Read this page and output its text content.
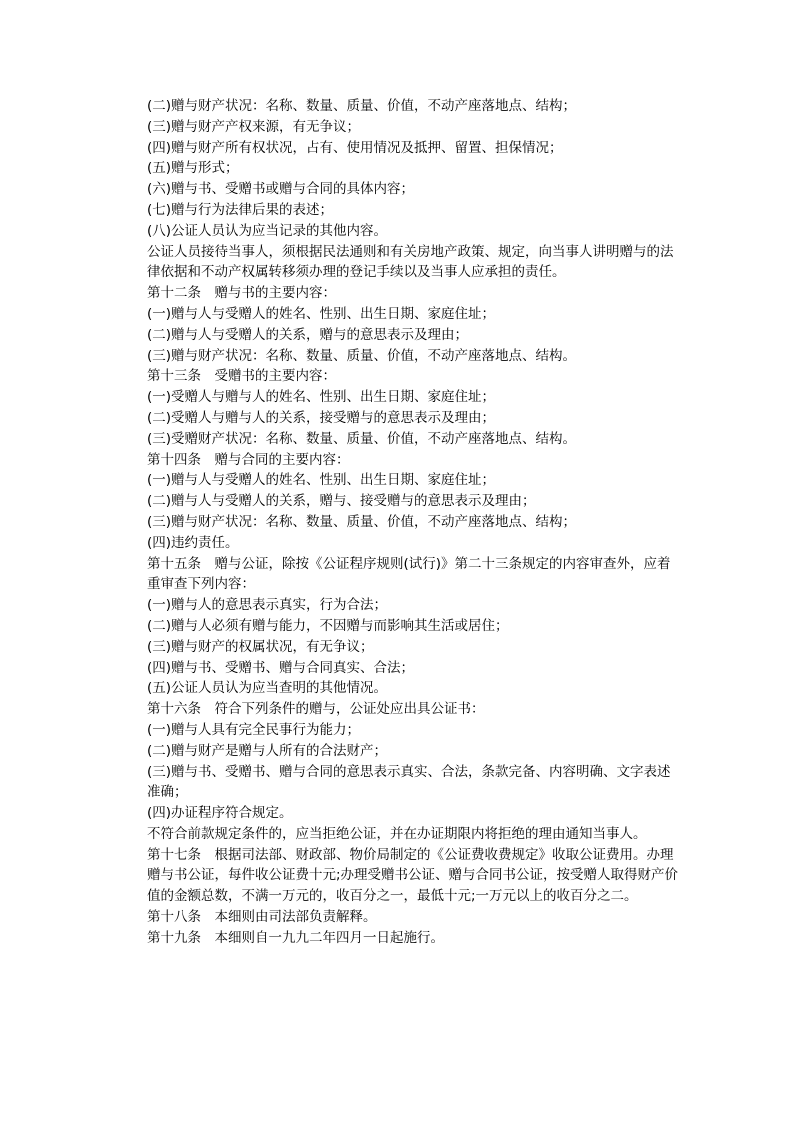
(二)赠与财产状况：名称、数量、质量、价值，不动产座落地点、结构；
(三)赠与财产产权来源，有无争议；
(四)赠与财产所有权状况，占有、使用情况及抵押、留置、担保情况；
(五)赠与形式；
(六)赠与书、受赠书或赠与合同的具体内容；
(七)赠与行为法律后果的表述；
(八)公证人员认为应当记录的其他内容。
公证人员接待当事人，须根据民法通则和有关房地产政策、规定，向当事人讲明赠与的法律依据和不动产权属转移须办理的登记手续以及当事人应承担的责任。
第十二条　赠与书的主要内容：
(一)赠与人与受赠人的姓名、性别、出生日期、家庭住址；
(二)赠与人与受赠人的关系，赠与的意思表示及理由；
(三)赠与财产状况：名称、数量、质量、价值，不动产座落地点、结构。
第十三条　受赠书的主要内容：
(一)受赠人与赠与人的姓名、性别、出生日期、家庭住址；
(二)受赠人与赠与人的关系，接受赠与的意思表示及理由；
(三)受赠财产状况：名称、数量、质量、价值，不动产座落地点、结构。
第十四条　赠与合同的主要内容：
(一)赠与人与受赠人的姓名、性别、出生日期、家庭住址；
(二)赠与人与受赠人的关系，赠与、接受赠与的意思表示及理由；
(三)赠与财产状况：名称、数量、质量、价值，不动产座落地点、结构；
(四)违约责任。
第十五条　赠与公证，除按《公证程序规则(试行)》第二十三条规定的内容审查外，应着重审查下列内容：
(一)赠与人的意思表示真实，行为合法；
(二)赠与人必须有赠与能力，不因赠与而影响其生活或居住；
(三)赠与财产的权属状况，有无争议；
(四)赠与书、受赠书、赠与合同真实、合法；
(五)公证人员认为应当查明的其他情况。
第十六条　符合下列条件的赠与，公证处应出具公证书：
(一)赠与人具有完全民事行为能力；
(二)赠与财产是赠与人所有的合法财产；
(三)赠与书、受赠书、赠与合同的意思表示真实、合法，条款完备、内容明确、文字表述准确；
(四)办证程序符合规定。
不符合前款规定条件的，应当拒绝公证，并在办证期限内将拒绝的理由通知当事人。
第十七条　根据司法部、财政部、物价局制定的《公证费收费规定》收取公证费用。办理赠与书公证，每件收公证费十元;办理受赠书公证、赠与合同书公证，按受赠人取得财产价值的金额总数，不满一万元的，收百分之一，最低十元;一万元以上的收百分之二。
第十八条　本细则由司法部负责解释。
第十九条　本细则自一九九二年四月一日起施行。
